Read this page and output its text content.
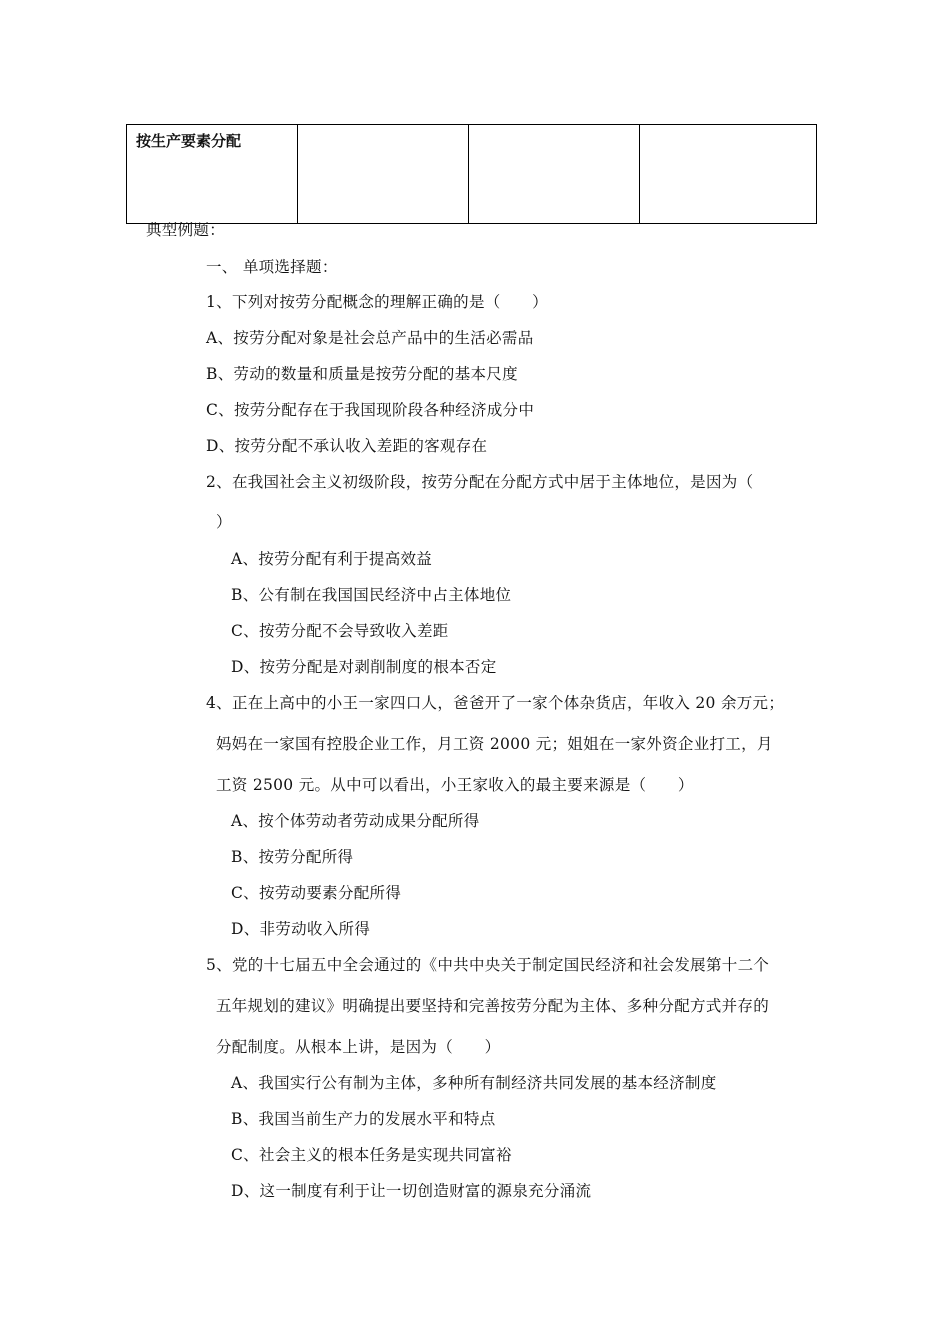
按生产要素分配			
典型例题：
一、 单项选择题：
1、下列对按劳分配概念的理解正确的是（　　）
A、按劳分配对象是社会总产品中的生活必需品
B、劳动的数量和质量是按劳分配的基本尺度
C、按劳分配存在于我国现阶段各种经济成分中
D、按劳分配不承认收入差距的客观存在
2、在我国社会主义初级阶段，按劳分配在分配方式中居于主体地位，是因为（
）
A、按劳分配有利于提高效益
B、公有制在我国国民经济中占主体地位
C、按劳分配不会导致收入差距
D、按劳分配是对剥削制度的根本否定
4、正在上高中的小王一家四口人，爸爸开了一家个体杂货店，年收入 20 余万元；
妈妈在一家国有控股企业工作，月工资 2000 元；姐姐在一家外资企业打工，月
工资 2500 元。从中可以看出，小王家收入的最主要来源是（　　）
A、按个体劳动者劳动成果分配所得
B、按劳分配所得
C、按劳动要素分配所得
D、非劳动收入所得
5、党的十七届五中全会通过的《中共中央关于制定国民经济和社会发展第十二个
五年规划的建议》明确提出要坚持和完善按劳分配为主体、多种分配方式并存的
分配制度。从根本上讲，是因为（　　）
A、我国实行公有制为主体，多种所有制经济共同发展的基本经济制度
B、我国当前生产力的发展水平和特点
C、社会主义的根本任务是实现共同富裕
D、这一制度有利于让一切创造财富的源泉充分涌流
